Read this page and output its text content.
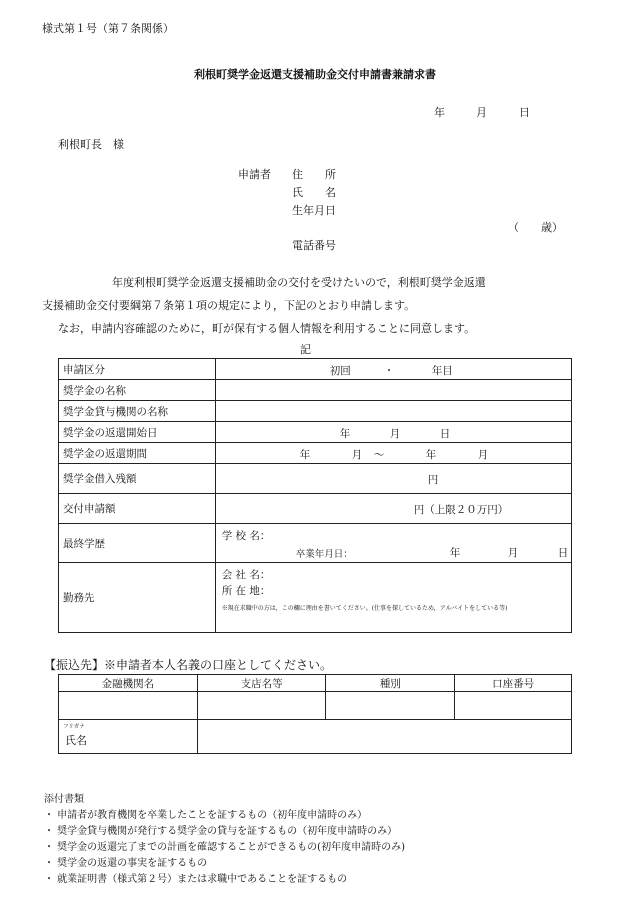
様式第１号（第７条関係）
利根町奨学金返還支援補助金交付申請書兼請求書
年	月	日
利根町長　様
申請者 住　　所
氏　　名
生年月日
（　　歳）
電話番号
年度利根町奨学金返還支援補助金の交付を受けたいので，利根町奨学金返還
支援補助金交付要綱第７条第１項の規定により，下記のとおり申請します。
なお，申請内容確認のために，町が保有する個人情報を利用することに同意します。
記
申請区分	初回 ・ 年目

奨学金の名称	
奨学金貸与機関の名称	
奨学金の返還開始日	年 月 日

奨学金の返還期間	年 月 ～ 年 月

奨学金借入残額	円

交付申請額	円（上限２０万円）

最終学歴	学 校 名：
卒業年月日： 年 月 日

勤務先	会 社 名：
所 在 地：
※現在求職中の方は，この欄に理由を書いてください。(仕事を探しているため，アルバイトをしている等)
【振込先】※申請者本人名義の口座としてください。
金融機関名	支店名等	種別	口座番号

フリガナ
氏名			

添付書類
・ 申請者が教育機関を卒業したことを証するもの（初年度申請時のみ）
・ 奨学金貸与機関が発行する奨学金の貸与を証するもの（初年度申請時のみ）
・ 奨学金の返還完了までの計画を確認することができるもの(初年度申請時のみ)
・ 奨学金の返還の事実を証するもの
・ 就業証明書（様式第２号）または求職中であることを証するもの
